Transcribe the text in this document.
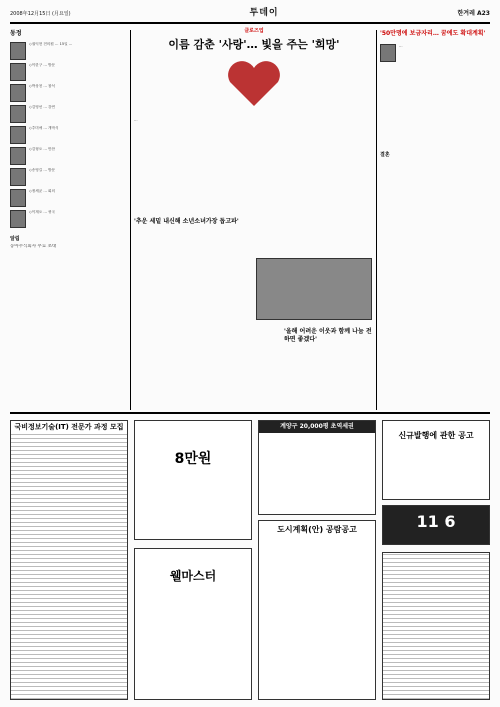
2008年12月15日 (月요일)	투데이	한겨레 A23
동정
◇권익현 전의원 … 15일 …
◇이한구 … 방문
◇박상천 … 참석
◇김영선 … 강연
◇추미애 … 개막식
◇김형오 … 만찬
◇송영길 … 방문
◇정세균 … 회의
◇이재오 … 귀국
알림
동아주식회사 무료 초대
클로즈업
이름 감춘 '사랑'… 빛을 주는 '희망'
…
'추운 세밑 내신해 소년소녀가장 돕고파'
'올해 어려운 이웃과 함께 나눔 전하면 좋겠다'
'50만명에 보금자리… 꿈에도 확대계획'
…
결혼
국비정보기술(IT) 전문가 과정 모집
8만원
웰마스터
계양구 20,000평 초역세권
도시계획(안) 공람공고
신규발행에 관한 공고
11 6
